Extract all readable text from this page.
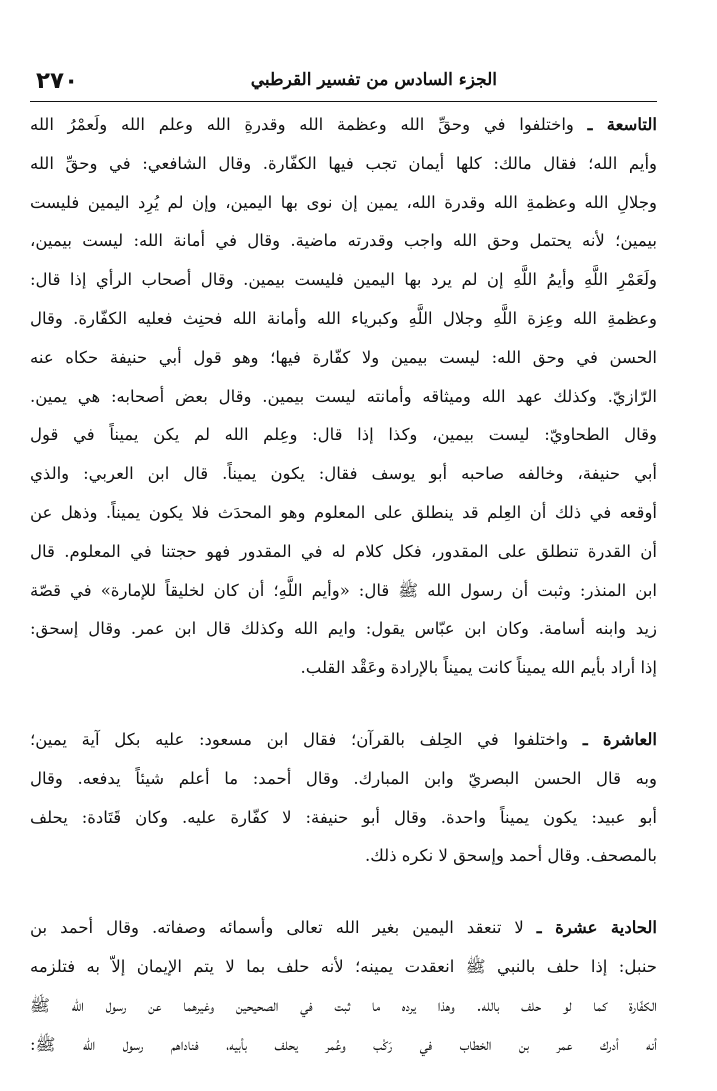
٢٧٠	الجزء السادس من تفسير القرطبي
التاسعة ـ واختلفوا في وحقِّ الله وعظمة الله وقدرةِ الله وعلم الله ولَعمْرُ الله
وأيم الله؛ فقال مالك: كلها أيمان تجب فيها الكفّارة. وقال الشافعي: في وحقِّ الله
وجلالِ الله وعظمةِ الله وقدرة الله، يمين إن نوى بها اليمين، وإن لم يُرِد اليمين فليست
بيمين؛ لأنه يحتمل وحق الله واجب وقدرته ماضية. وقال في أمانة الله: ليست بيمين،
ولَعَمْرِ اللَّهِ وأيمُ اللَّهِ إن لم يرد بها اليمين فليست بيمين. وقال أصحاب الرأي إذا قال:
وعظمةِ الله وعِزة اللَّهِ وجلال اللَّهِ وكبرياء الله وأمانة الله فحنِث فعليه الكفّارة. وقال
الحسن في وحق الله: ليست بيمين ولا كفّارة فيها؛ وهو قول أبي حنيفة حكاه عنه
الرّازيّ. وكذلك عهد الله وميثاقه وأمانته ليست بيمين. وقال بعض أصحابه: هي يمين.
وقال الطحاويّ: ليست بيمين، وكذا إذا قال: وعِلم الله لم يكن يميناً في قول
أبي حنيفة، وخالفه صاحبه أبو يوسف فقال: يكون يميناً. قال ابن العربي: والذي
أوقعه في ذلك أن العِلم قد ينطلق على المعلوم وهو المحدَث فلا يكون يميناً. وذهل عن
أن القدرة تنطلق على المقدور، فكل كلام له في المقدور فهو حجتنا في المعلوم. قال
ابن المنذر: وثبت أن رسول الله ﷺ قال: «وأيم اللَّهِ؛ أن كان لخليقاً للإمارة» في قصّة
زيد وابنه أسامة. وكان ابن عبّاس يقول: وايم الله وكذلك قال ابن عمر. وقال إسحق:
إذا أراد بأيم الله يميناً كانت يميناً بالإرادة وعَقْد القلب.
العاشرة ـ واختلفوا في الحِلف بالقرآن؛ فقال ابن مسعود: عليه بكل آية يمين؛
وبه قال الحسن البصريّ وابن المبارك. وقال أحمد: ما أعلم شيئاً يدفعه. وقال
أبو عبيد: يكون يميناً واحدة. وقال أبو حنيفة: لا كفّارة عليه. وكان قَتَادة: يحلف
بالمصحف. وقال أحمد وإسحق لا نكره ذلك.
الحادية عشرة ـ لا تنعقد اليمين بغير الله تعالى وأسمائه وصفاته. وقال أحمد بن
حنبل: إذا حلف بالنبي ﷺ انعقدت يمينه؛ لأنه حلف بما لا يتم الإيمان إلاّ به فتلزمه
الكفّارة كما لو حلف بالله. وهذا يرده ما ثبت في الصحيحين وغيرهما عن رسول الله ﷺ
أنه أدرك عمر بن الخطاب في رَكْب وعُمر يحلف بأبيه، فناداهم رسول الله ﷺ:
